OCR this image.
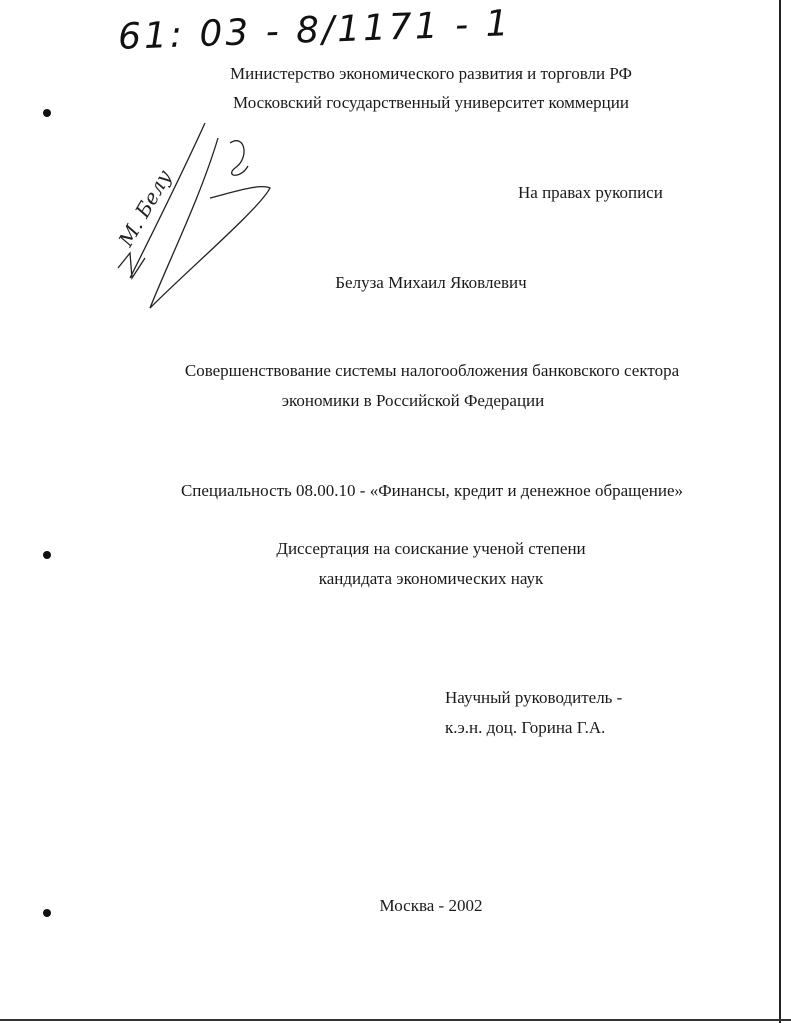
61: 03 - 8/1171 - 1
Министерство экономического развития и торговли РФ
Московский государственный университет коммерции
М. Белу	На правах рукописи
Белуза Михаил Яковлевич
Совершенствование системы налогообложения банковского сектора
экономики в Российской Федерации
Специальность 08.00.10 - «Финансы, кредит и денежное обращение»
Диссертация на соискание ученой степени
кандидата экономических наук
Научный руководитель -
к.э.н. доц. Горина Г.А.
Москва - 2002
